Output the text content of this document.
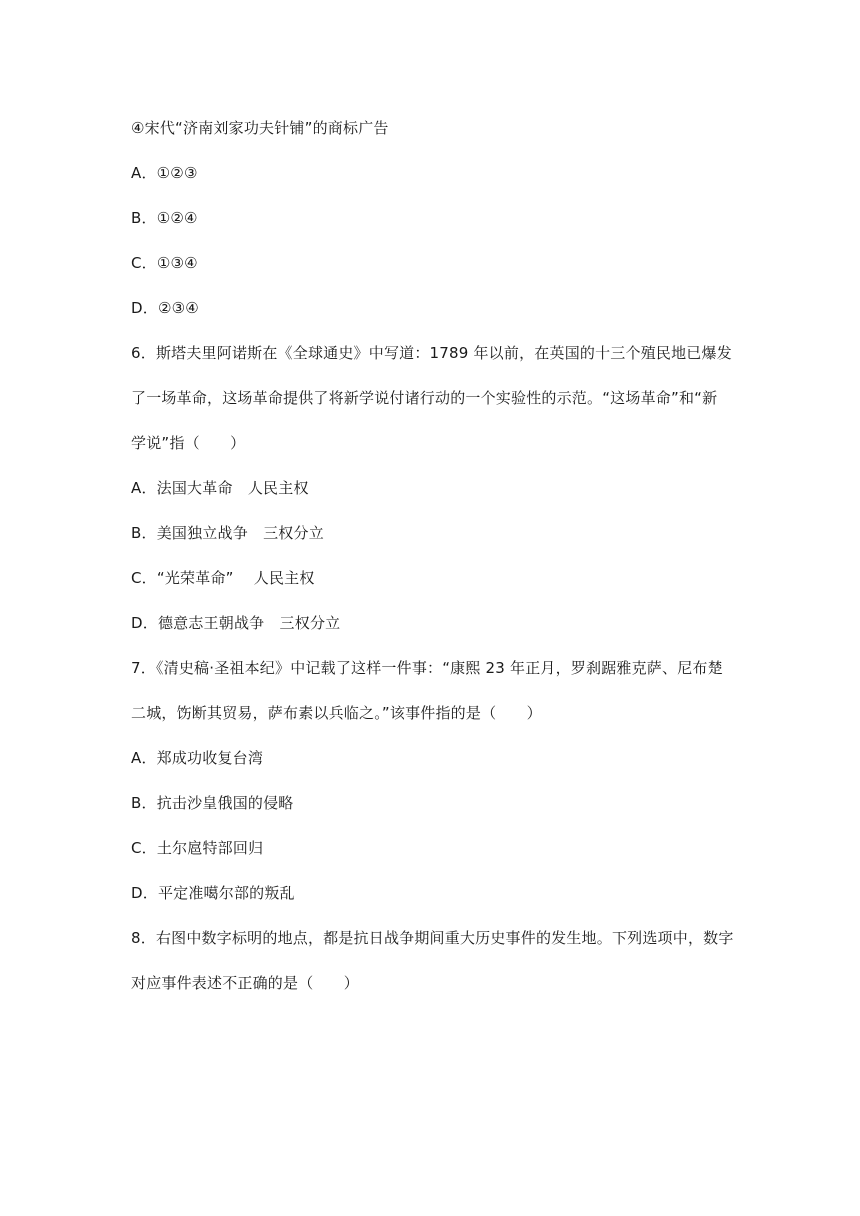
④宋代“济南刘家功夫针铺”的商标广告
A．①②③
B．①②④
C．①③④
D．②③④
6．斯塔夫里阿诺斯在《全球通史》中写道：1789 年以前，在英国的十三个殖民地已爆发
了一场革命，这场革命提供了将新学说付诸行动的一个实验性的示范。“这场革命”和“新
学说”指（　　）
A．法国大革命　人民主权
B．美国独立战争　三权分立
C．“光荣革命”　 人民主权
D．德意志王朝战争　三权分立
7．《清史稿·圣祖本纪》中记载了这样一件事：“康熙 23 年正月，罗刹踞雅克萨、尼布楚
二城，饬断其贸易，萨布素以兵临之。”该事件指的是（　　）
A．郑成功收复台湾
B．抗击沙皇俄国的侵略
C．土尔扈特部回归
D．平定准噶尔部的叛乱
8．右图中数字标明的地点，都是抗日战争期间重大历史事件的发生地。下列选项中，数字
对应事件表述不正确的是（　　）
